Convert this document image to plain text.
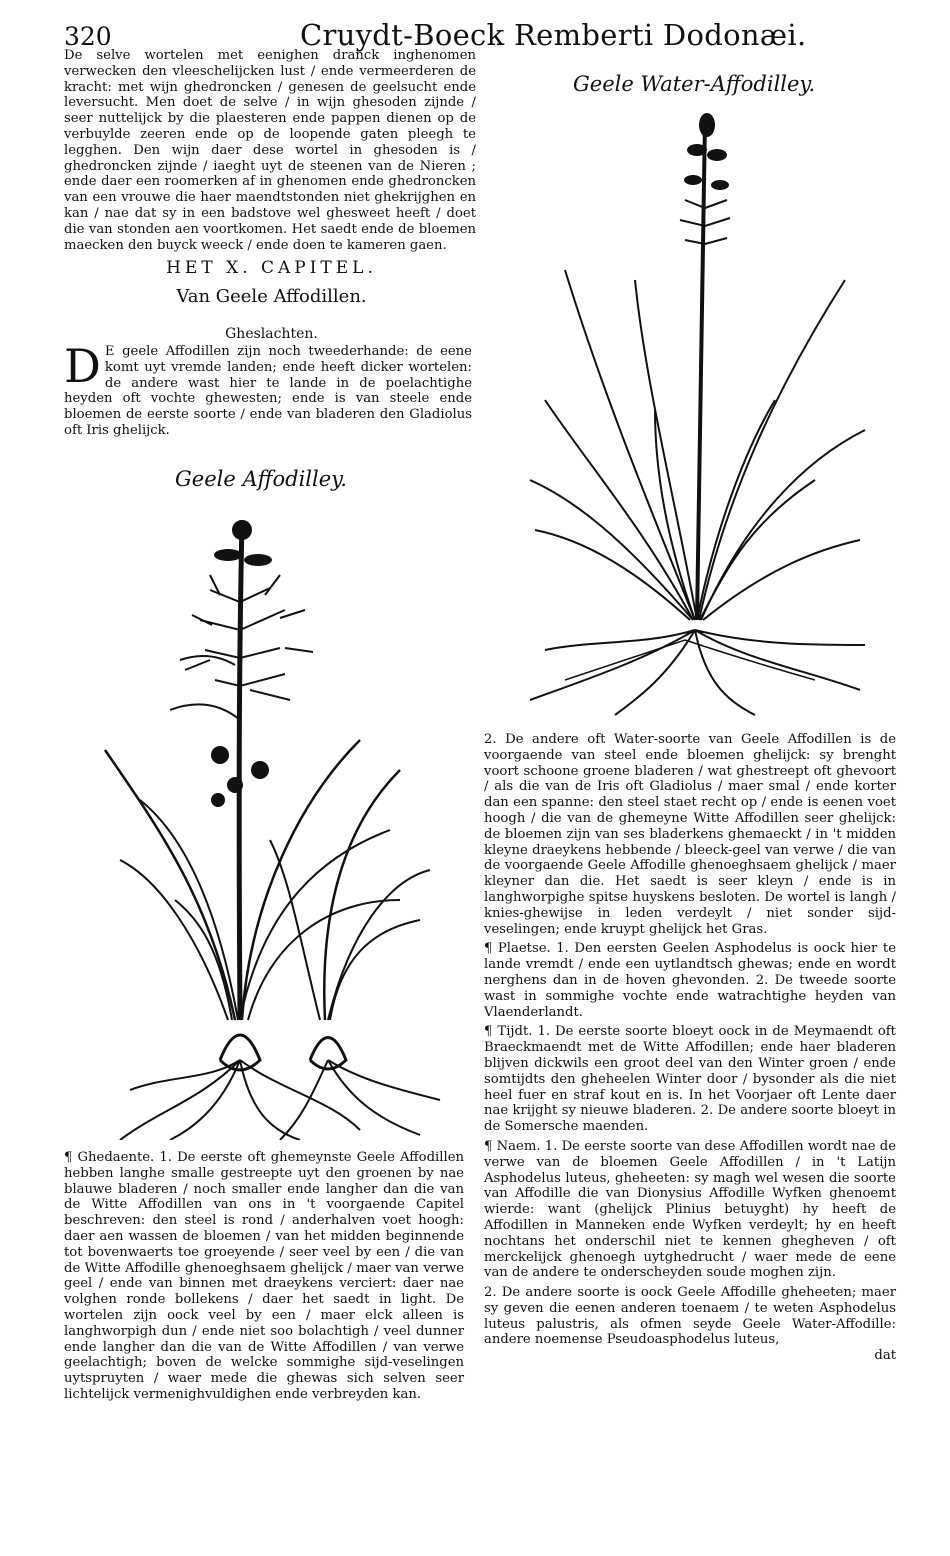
320	Cruydt-Boeck Remberti Dodonæi.

De selve wortelen met eenighen dranck inghenomen verwecken den vleeschelijcken lust / ende vermeerderen de kracht: met wijn ghedroncken / genesen de geelsucht ende leversucht. Men doet de selve / in wijn ghesoden zijnde / seer nuttelijck by die plaesteren ende pappen dienen op de verbuylde zeeren ende op de loopende gaten pleegh te legghen. Den wijn daer dese wortel in ghesoden is / ghedroncken zijnde / iaeght uyt de steenen van de Nieren ; ende daer een roomerken af in ghenomen ende ghedroncken van een vrouwe die haer maendtstonden niet ghekrijghen en kan / nae dat sy in een badstove wel ghesweet heeft / doet die van stonden aen voortkomen. Het saedt ende de bloemen maecken den buyck weeck / ende doen te kameren gaen.

HET X. CAPITEL.
Van Geele Affodillen.
Gheslachten.
D E geele Affodillen zijn noch tweederhande: de eene komt uyt vremde landen; ende heeft dicker wortelen: de andere wast hier te lande in de poelachtighe heyden oft vochte ghewesten; ende is van steele ende bloemen de eerste soorte / ende van bladeren den Gladiolus oft Iris ghelijck.
Geele Affodilley.
Geele Water-Affodilley.

¶ Ghedaente. 1. De eerste oft ghemeynste Geele Affodillen hebben langhe smalle gestreepte uyt den groenen by nae blauwe bladeren / noch smaller ende langher dan die van de Witte Affodillen van ons in 't voorgaende Capitel beschreven: den steel is rond / anderhalven voet hoogh: daer aen wassen de bloemen / van het midden beginnende tot bovenwaerts toe groeyende / seer veel by een / die van de Witte Affodille ghenoeghsaem ghelijck / maer van verwe geel / ende van binnen met draeykens verciert: daer nae volghen ronde bollekens / daer het saedt in light. De wortelen zijn oock veel by een / maer elck alleen is langhworpigh dun / ende niet soo bolachtigh / veel dunner ende langher dan die van de Witte Affodillen / van verwe geelachtigh; boven de welcke sommighe sijd-veselingen uytspruyten / waer mede die ghewas sich selven seer lichtelijck vermenighvuldighen ende verbreyden kan.

2. De andere oft Water-soorte van Geele Affodillen is de voorgaende van steel ende bloemen ghelijck: sy brenght voort schoone groene bladeren / wat ghestreept oft ghevoort / als die van de Iris oft Gladiolus / maer smal / ende korter dan een spanne: den steel staet recht op / ende is eenen voet hoogh / die van de ghemeyne Witte Affodillen seer ghelijck: de bloemen zijn van ses bladerkens ghemaeckt / in 't midden kleyne draeykens hebbende / bleeck-geel van verwe / die van de voorgaende Geele Affodille ghenoeghsaem ghelijck / maer kleyner dan die. Het saedt is seer kleyn / ende is in langhworpighe spitse huyskens besloten. De wortel is langh / knies-ghewijse in leden verdeylt / niet sonder sijd-veselingen; ende kruypt ghelijck het Gras.

¶ Plaetse. 1. Den eersten Geelen Asphodelus is oock hier te lande vremdt / ende een uytlandtsch ghewas; ende en wordt nerghens dan in de hoven ghevonden. 2. De tweede soorte wast in sommighe vochte ende watrachtighe heyden van Vlaenderlandt.

¶ Tijdt. 1. De eerste soorte bloeyt oock in de Meymaendt oft Braeckmaendt met de Witte Affodillen; ende haer bladeren blijven dickwils een groot deel van den Winter groen / ende somtijdts den gheheelen Winter door / bysonder als die niet heel fuer en straf kout en is. In het Voorjaer oft Lente daer nae krijght sy nieuwe bladeren. 2. De andere soorte bloeyt in de Somersche maenden.

¶ Naem. 1. De eerste soorte van dese Affodillen wordt nae de verwe van de bloemen Geele Affodillen / in 't Latijn Asphodelus luteus, gheheeten: sy magh wel wesen die soorte van Affodille die van Dionysius Affodille Wyfken ghenoemt wierde: want (ghelijck Plinius betuyght) hy heeft de Affodillen in Manneken ende Wyfken verdeylt; hy en heeft nochtans het onderschil niet te kennen ghegheven / oft merckelijck ghenoegh uytghedrucht / waer mede de eene van de andere te onderscheyden soude moghen zijn.

2. De andere soorte is oock Geele Affodille gheheeten; maer sy geven die eenen anderen toenaem / te weten Asphodelus luteus palustris, als ofmen seyde Geele Water-Affodille: andere noemense Pseudoasphodelus luteus,

dat
